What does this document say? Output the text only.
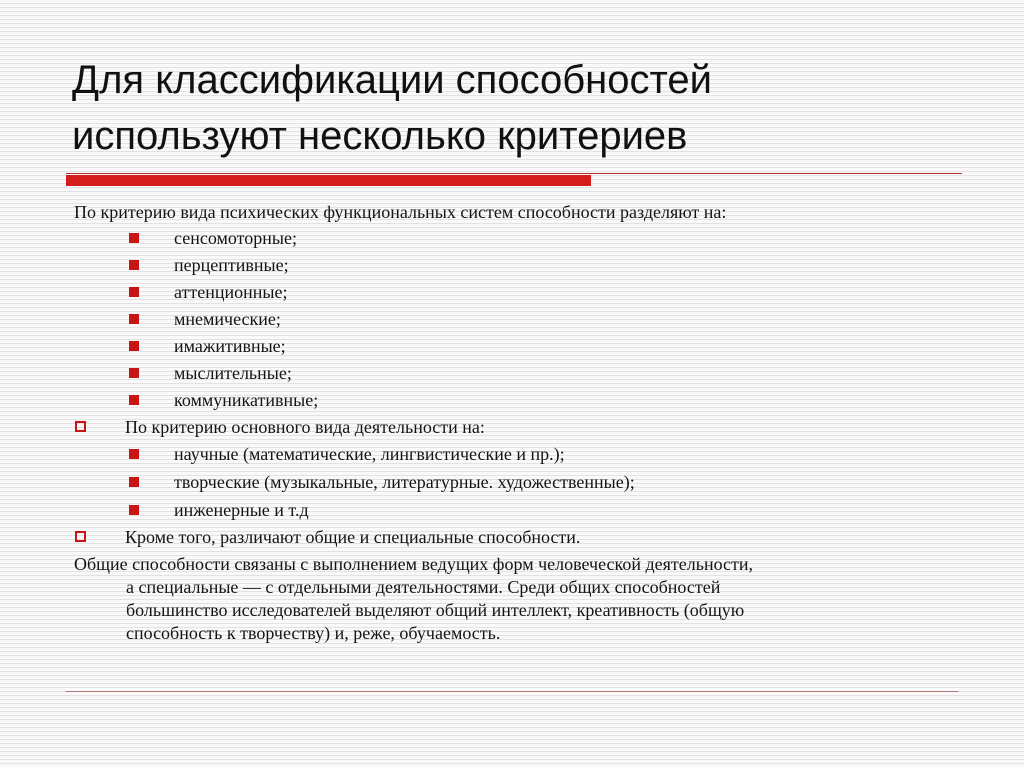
Для классификации способностей
используют несколько критериев
По критерию вида психических функциональных систем способности разделяют на:
сенсомоторные;
перцептивные;
аттенционные;
мнемические;
имажитивные;
мыслительные;
коммуникативные;
По критерию основного вида деятельности на:
научные (математические, лингвистические и пр.);
творческие (музыкальные, литературные. художественные);
инженерные и т.д
Кроме того, различают общие и специальные способности.
Общие способности связаны с выполнением ведущих форм человеческой деятельности,
а специальные — с отдельными деятельностями. Среди общих способностей
большинство исследователей выделяют общий интеллект, креативность (общую
способность к творчеству) и, реже, обучаемость.
